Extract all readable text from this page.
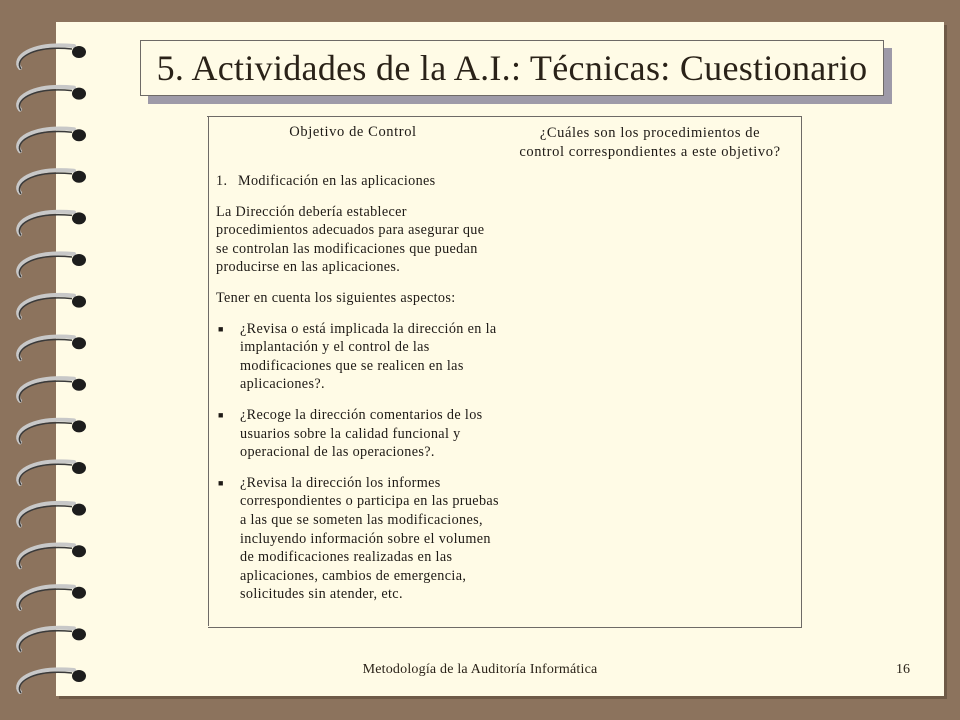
5. Actividades de la A.I.: Técnicas: Cuestionario
Objetivo de Control	¿Cuáles son los procedimientos de
control correspondientes a este objetivo?

1. Modificación en las aplicaciones

La Dirección debería establecer procedimientos adecuados para asegurar que se controlan las modificaciones que puedan producirse en las aplicaciones.

Tener en cuenta los siguientes aspectos:

■	¿Revisa o está implicada la dirección en la implantación y el control de las modificaciones que se realicen en las aplicaciones?.
■	¿Recoge la dirección comentarios de los usuarios sobre la calidad funcional y operacional de las operaciones?.
■	¿Revisa la dirección los informes correspondientes o participa en las pruebas a las que se someten las modificaciones, incluyendo información sobre el volumen de modificaciones realizadas en las aplicaciones, cambios de emergencia, solicitudes sin atender, etc.
Metodología de la Auditoría Informática	16
